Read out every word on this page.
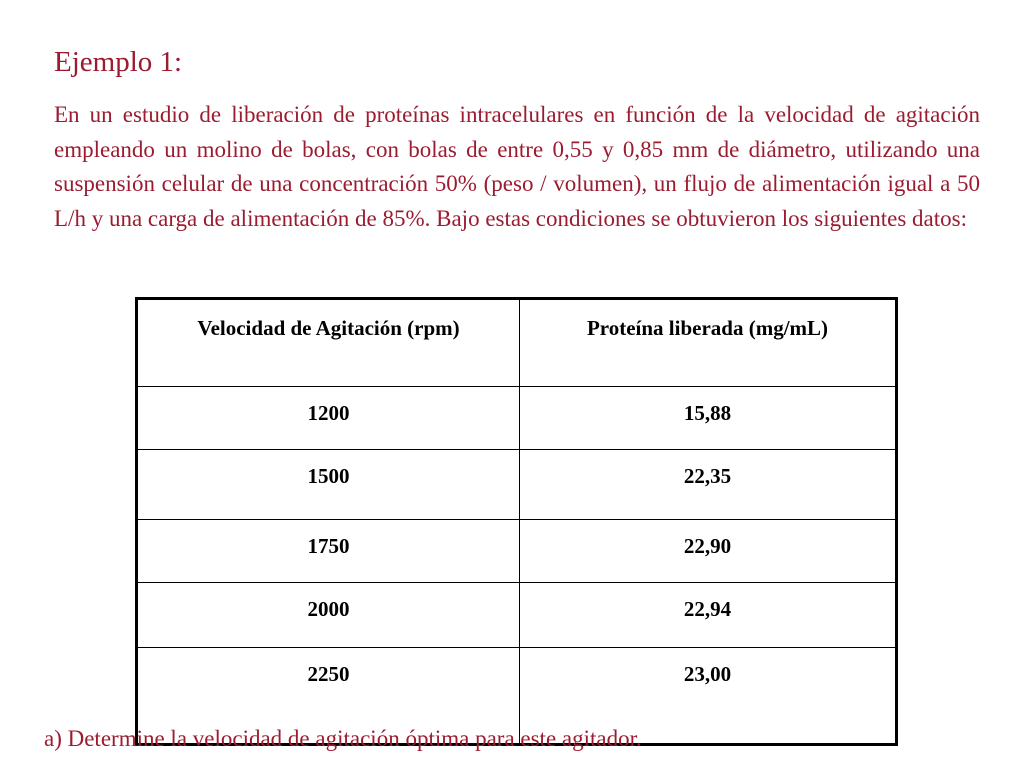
Ejemplo 1:

En un estudio de liberación de proteínas intracelulares en función de la velocidad de agitación empleando un molino de bolas, con bolas de entre 0,55 y 0,85 mm de diámetro, utilizando una suspensión celular de una concentración 50% (peso / volumen), un flujo de alimentación igual a 50 L/h y una carga de alimentación de 85%. Bajo estas condiciones se obtuvieron los siguientes datos:

Velocidad de Agitación (rpm)	Proteína liberada (mg/mL)
1200	15,88
1500	22,35
1750	22,90
2000	22,94
2250	23,00

a) Determine la velocidad de agitación óptima para este agitador.
